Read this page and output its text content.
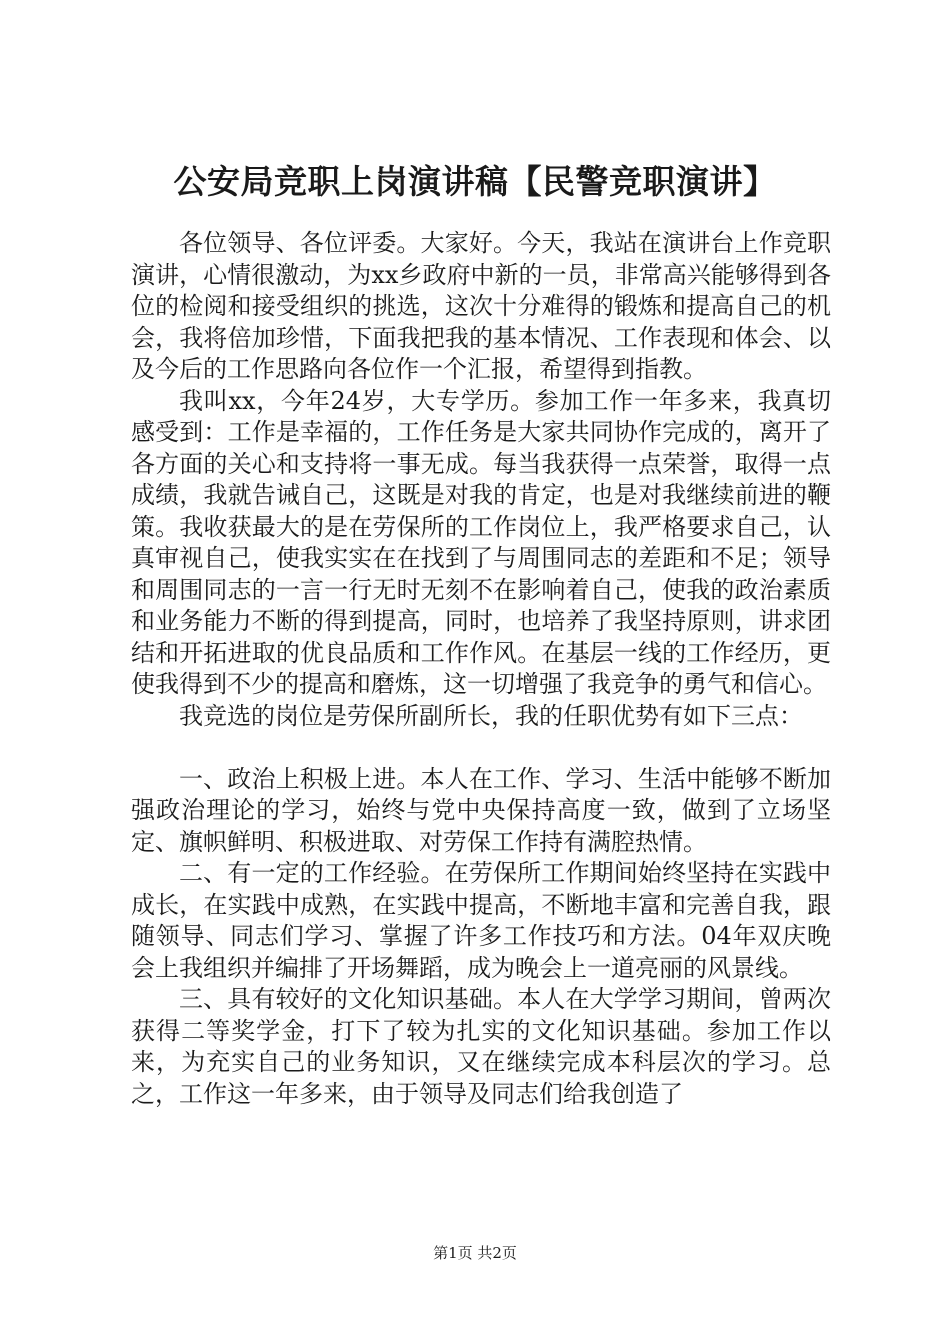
公安局竞职上岗演讲稿【民警竞职演讲】

各位领导、各位评委。大家好。今天，我站在演讲台上作竞职演讲，心情很激动，为xx乡政府中新的一员，非常高兴能够得到各位的检阅和接受组织的挑选，这次十分难得的锻炼和提高自己的机会，我将倍加珍惜，下面我把我的基本情况、工作表现和体会、以及今后的工作思路向各位作一个汇报，希望得到指教。

我叫xx，今年24岁，大专学历。参加工作一年多来，我真切感受到：工作是幸福的，工作任务是大家共同协作完成的，离开了各方面的关心和支持将一事无成。每当我获得一点荣誉，取得一点成绩，我就告诫自己，这既是对我的肯定，也是对我继续前进的鞭策。我收获最大的是在劳保所的工作岗位上，我严格要求自己，认真审视自己，使我实实在在找到了与周围同志的差距和不足；领导和周围同志的一言一行无时无刻不在影响着自己，使我的政治素质和业务能力不断的得到提高，同时，也培养了我坚持原则，讲求团结和开拓进取的优良品质和工作作风。在基层一线的工作经历，更使我得到不少的提高和磨炼，这一切增强了我竞争的勇气和信心。

我竞选的岗位是劳保所副所长，我的任职优势有如下三点：

一、政治上积极上进。本人在工作、学习、生活中能够不断加强政治理论的学习，始终与党中央保持高度一致，做到了立场坚定、旗帜鲜明、积极进取、对劳保工作持有满腔热情。

二、有一定的工作经验。在劳保所工作期间始终坚持在实践中成长，在实践中成熟，在实践中提高，不断地丰富和完善自我，跟随领导、同志们学习、掌握了许多工作技巧和方法。04年双庆晚会上我组织并编排了开场舞蹈，成为晚会上一道亮丽的风景线。

三、具有较好的文化知识基础。本人在大学学习期间，曾两次获得二等奖学金，打下了较为扎实的文化知识基础。参加工作以来，为充实自己的业务知识，又在继续完成本科层次的学习。总之，工作这一年多来，由于领导及同志们给我创造了

第1页 共2页
